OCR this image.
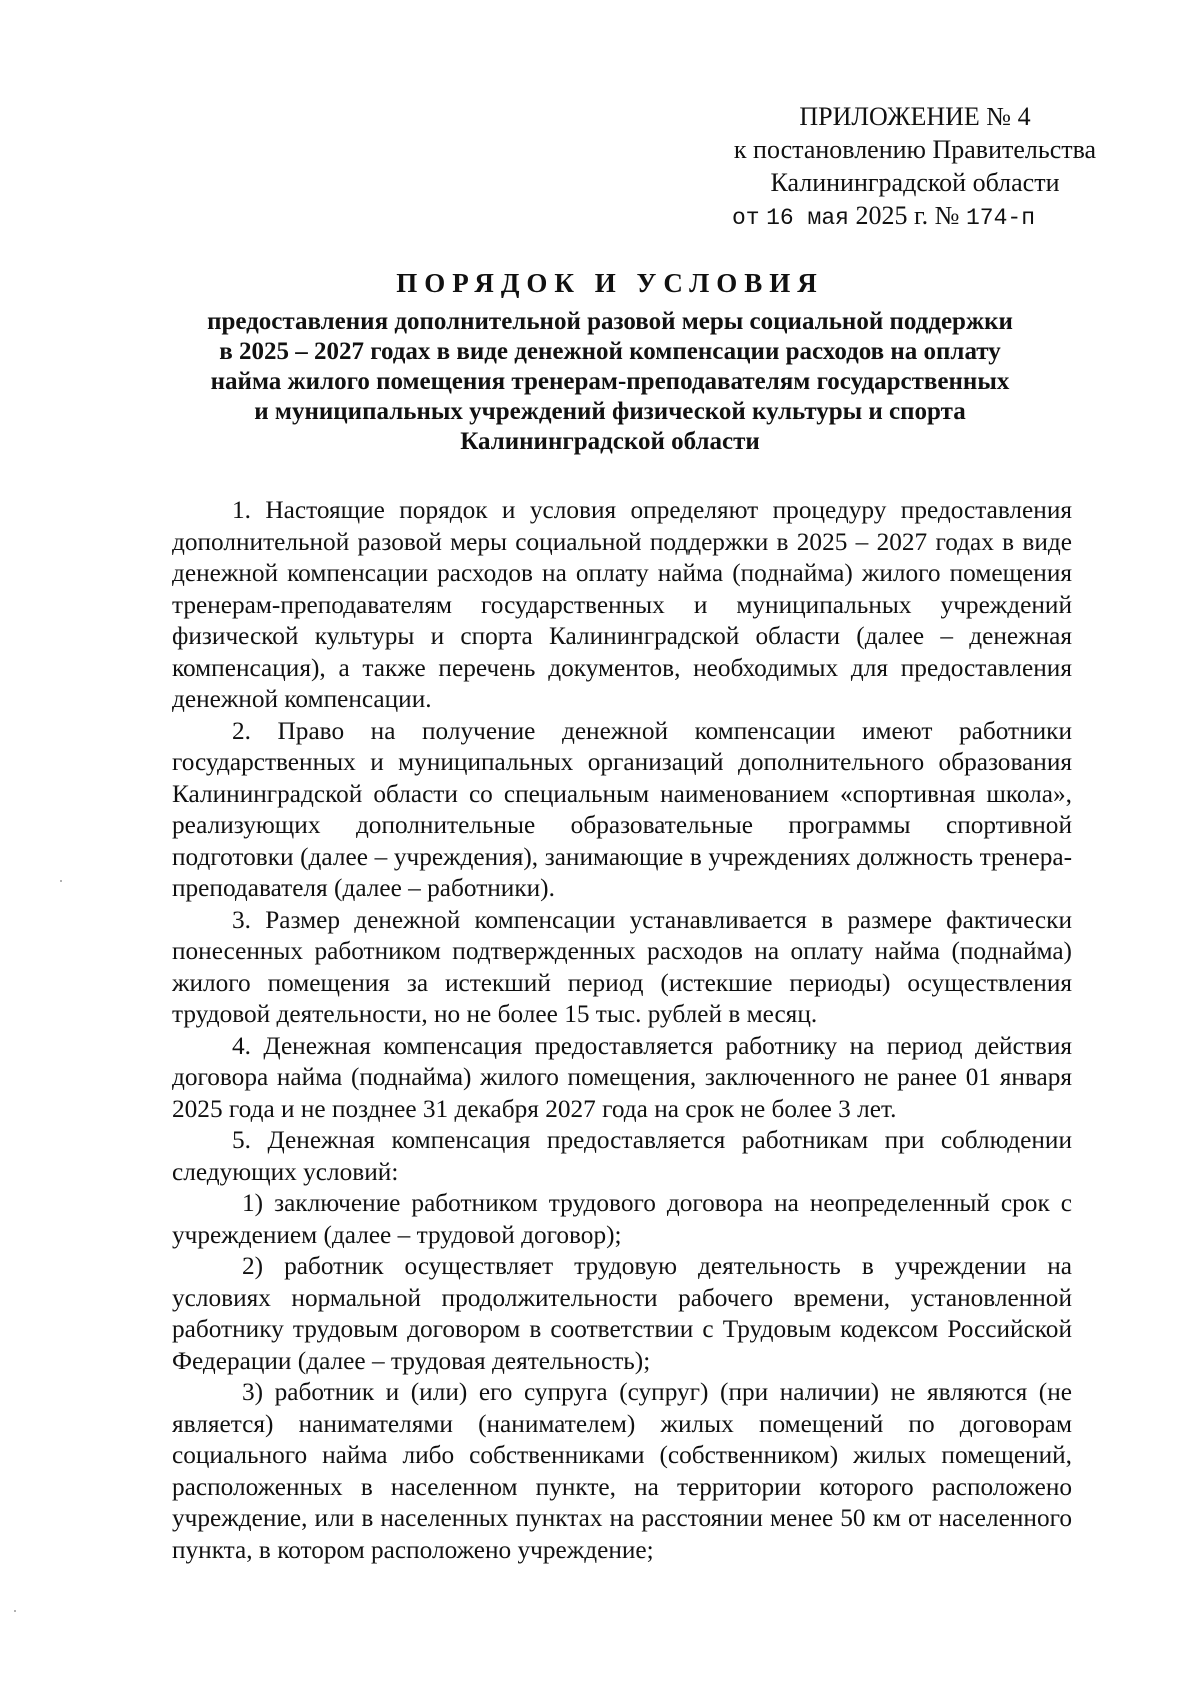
ПРИЛОЖЕНИЕ № 4
к постановлению Правительства
Калининградской области
от 16 мая 2025 г. № 174-п
ПОРЯДОК И УСЛОВИЯ
предоставления дополнительной разовой меры социальной поддержки
в 2025 – 2027 годах в виде денежной компенсации расходов на оплату
найма жилого помещения тренерам-преподавателям государственных
и муниципальных учреждений физической культуры и спорта
Калининградской области

1. Настоящие порядок и условия определяют процедуру предоставления дополнительной разовой меры социальной поддержки в 2025 – 2027 годах в виде денежной компенсации расходов на оплату найма (поднайма) жилого помещения тренерам-преподавателям государственных и муниципальных учреждений физической культуры и спорта Калининградской области (далее – денежная компенсация), а также перечень документов, необходимых для предоставления денежной компенсации.

2. Право на получение денежной компенсации имеют работники государственных и муниципальных организаций дополнительного образования Калининградской области со специальным наименованием «спортивная школа», реализующих дополнительные образовательные программы спортивной подготовки (далее – учреждения), занимающие в учреждениях должность тренера-преподавателя (далее – работники).

3. Размер денежной компенсации устанавливается в размере фактически понесенных работником подтвержденных расходов на оплату найма (поднайма) жилого помещения за истекший период (истекшие периоды) осуществления трудовой деятельности, но не более 15 тыс. рублей в месяц.

4. Денежная компенсация предоставляется работнику на период действия договора найма (поднайма) жилого помещения, заключенного не ранее 01 января 2025 года и не позднее 31 декабря 2027 года на срок не более 3 лет.

5. Денежная компенсация предоставляется работникам при соблюдении следующих условий:

1) заключение работником трудового договора на неопределенный срок с учреждением (далее – трудовой договор);

2) работник осуществляет трудовую деятельность в учреждении на условиях нормальной продолжительности рабочего времени, установленной работнику трудовым договором в соответствии с Трудовым кодексом Российской Федерации (далее – трудовая деятельность);

3) работник и (или) его супруга (супруг) (при наличии) не являются (не является) нанимателями (нанимателем) жилых помещений по договорам социального найма либо собственниками (собственником) жилых помещений, расположенных в населенном пункте, на территории которого расположено учреждение, или в населенных пунктах на расстоянии менее 50 км от населенного пункта, в котором расположено учреждение;
